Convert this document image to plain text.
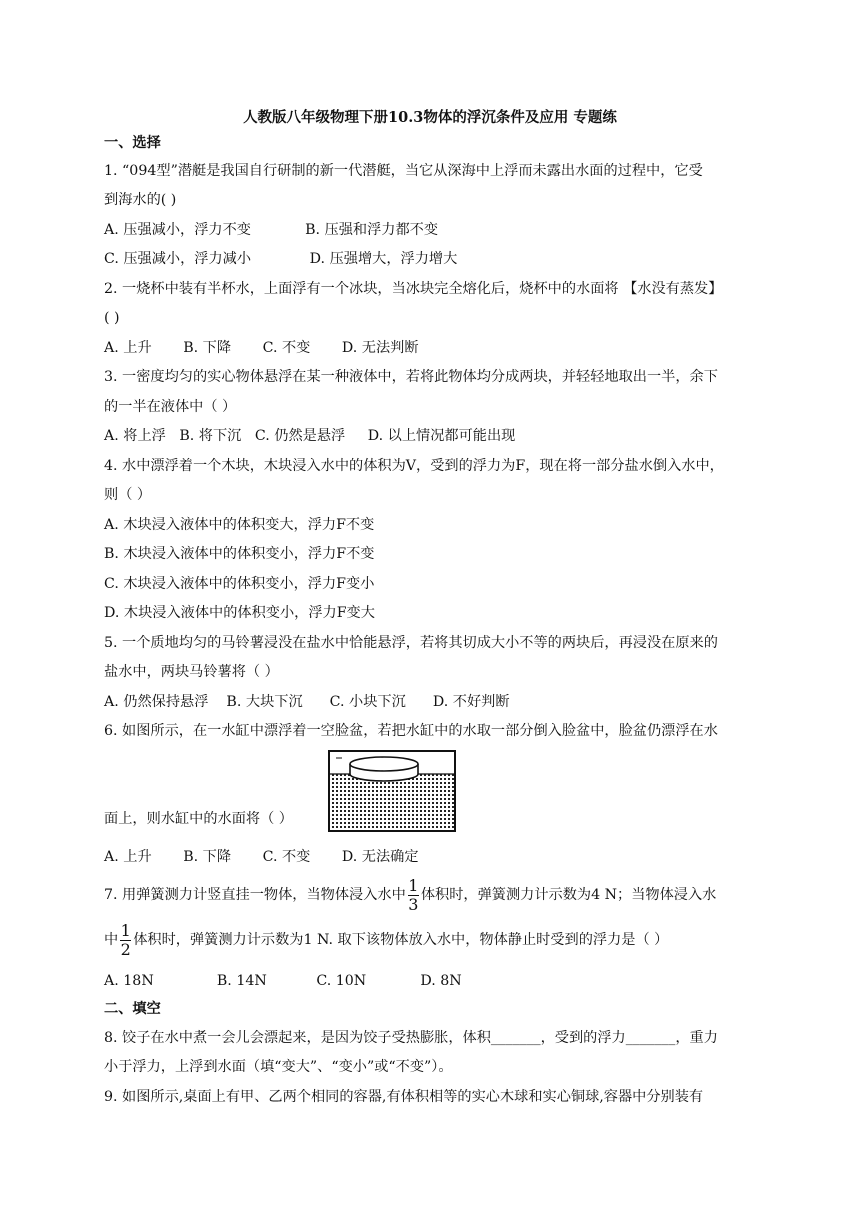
人教版八年级物理下册10.3物体的浮沉条件及应用 专题练
一、选择
1. “094型”潜艇是我国自行研制的新一代潜艇，当它从深海中上浮而未露出水面的过程中，它受
到海水的( )
A. 压强减小，浮力不变            B. 压强和浮力都不变
C. 压强减小，浮力减小             D. 压强增大，浮力增大
2. 一烧杯中装有半杯水，上面浮有一个冰块，当冰块完全熔化后，烧杯中的水面将 【水没有蒸发】
( )
A. 上升       B. 下降       C. 不变       D. 无法判断
3. 一密度均匀的实心物体悬浮在某一种液体中，若将此物体均分成两块，并轻轻地取出一半，余下
的一半在液体中（ ）
A. 将上浮   B. 将下沉   C. 仍然是悬浮     D. 以上情况都可能出现
4. 水中漂浮着一个木块，木块浸入水中的体积为V，受到的浮力为F，现在将一部分盐水倒入水中，
则（ ）
A. 木块浸入液体中的体积变大，浮力F不变
B. 木块浸入液体中的体积变小，浮力F不变
C. 木块浸入液体中的体积变小，浮力F变小
D. 木块浸入液体中的体积变小，浮力F变大
5. 一个质地均匀的马铃薯浸没在盐水中恰能悬浮，若将其切成大小不等的两块后，再浸没在原来的
盐水中，两块马铃薯将（ ）
A. 仍然保持悬浮    B. 大块下沉      C. 小块下沉      D. 不好判断
6. 如图所示，在一水缸中漂浮着一空脸盆，若把水缸中的水取一部分倒入脸盆中，脸盆仍漂浮在水
面上，则水缸中的水面将（ ）
A. 上升       B. 下降       C. 不变       D. 无法确定
7. 用弹簧测力计竖直挂一物体，当物体浸入水中 $\frac{1}{3}$ 体积时，弹簧测力计示数为4 N；当物体浸入水
中 $\frac{1}{2}$ 体积时，弹簧测力计示数为1 N. 取下该物体放入水中，物体静止时受到的浮力是（ ）
A. 18N              B. 14N           C. 10N            D. 8N
二、填空
8. 饺子在水中煮一会儿会漂起来，是因为饺子受热膨胀，体积_______，受到的浮力_______，重力
小于浮力，上浮到水面（填“变大”、“变小”或“不变”）。
9. 如图所示,桌面上有甲、乙两个相同的容器,有体积相等的实心木球和实心铜球,容器中分别装有
